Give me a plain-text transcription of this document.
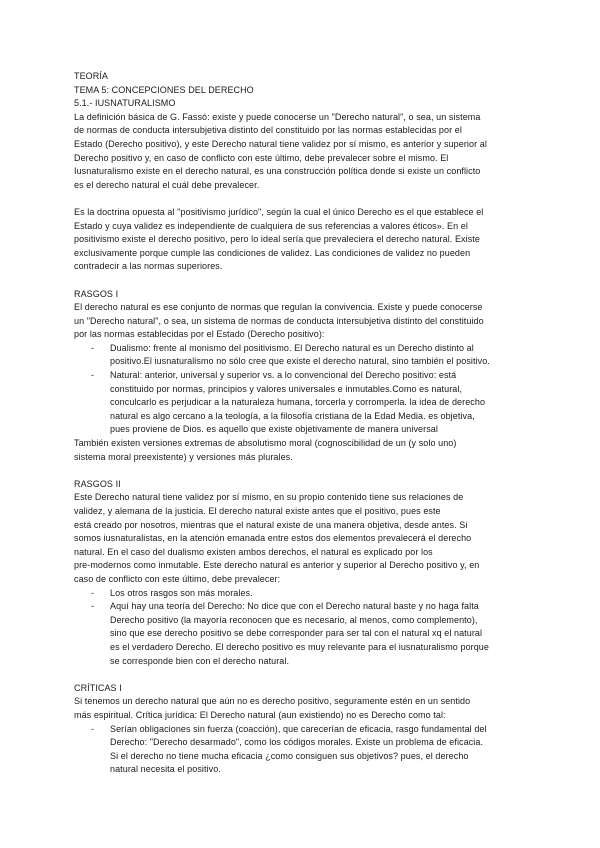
TEORÍA
TEMA 5: CONCEPCIONES DEL DERECHO
5.1.- IUSNATURALISMO
La definición básica de G. Fassó: existe y puede conocerse un "Derecho natural", o sea, un sistema
de normas de conducta intersubjetiva distinto del constituido por las normas establecidas por el
Estado (Derecho positivo), y este Derecho natural tiene validez por sí mismo, es anterior y superior al
Derecho positivo y, en caso de conflicto con este último, debe prevalecer sobre el mismo. El
Iusnaturalismo existe en el derecho natural, es una construcción política donde si existe un conflicto
es el derecho natural el cuál debe prevalecer.
Es la doctrina opuesta al "positivismo jurídico", según la cual el único Derecho es el que establece el
Estado y cuya validez es independiente de cualquiera de sus referencias a valores éticos». En el
positivismo existe el derecho positivo, pero lo ideal sería que prevaleciera el derecho natural. Existe
exclusivamente porque cumple las condiciones de validez. Las condiciones de validez no pueden
contradecir a las normas superiores.
RASGOS I
El derecho natural es ese conjunto de normas que regulan la convivencia. Existe y puede conocerse
un "Derecho natural", o sea, un sistema de normas de conducta intersubjetiva distinto del constituido
por las normas establecidas por el Estado (Derecho positivo):
- Dualismo: frente al monismo del positivismo. El Derecho natural es un Derecho distinto al
positivo.El iusnaturalismo no sólo cree que existe el derecho natural, sino también el positivo.
- Natural: anterior, universal y superior vs. a lo convencional del Derecho positivo: está
constituido por normas, principios y valores universales e inmutables.Como es natural,
conculcarlo es perjudicar a la naturaleza humana, torcerla y corromperla. la idea de derecho
natural es algo cercano a la teología, a la filosofía cristiana de la Edad Media. es objetiva,
pues proviene de Dios. es aquello que existe objetivamente de manera universal
También existen versiones extremas de absolutismo moral (cognoscibilidad de un (y solo uno)
sistema moral preexistente) y versiones más plurales.
RASGOS II
Este Derecho natural tiene validez por sí mismo, en su propio contenido tiene sus relaciones de
validez, y alemana de la justicia. El derecho natural existe antes que el positivo, pues este
está creado por nosotros, mientras que el natural existe de una manera objetiva, desde antes. Si
somos iusnaturalistas, en la atención emanada entre estos dos elementos prevalecerá el derecho
natural. En el caso del dualismo existen ambos derechos, el natural es explicado por los
pre-modernos como inmutable. Este derecho natural es anterior y superior al Derecho positivo y, en
caso de conflicto con este último, debe prevalecer:
- Los otros rasgos son más morales.
- Aquí hay una teoría del Derecho: No dice que con el Derecho natural baste y no haga falta
Derecho positivo (la mayoría reconocen que es necesario, al menos, como complemento),
sino que ese derecho positivo se debe corresponder para ser tal con el natural xq el natural
es el verdadero Derecho. El derecho positivo es muy relevante para el iusnaturalismo porque
se corresponde bien con el derecho natural.
CRÍTICAS I
Si tenemos un derecho natural que aún no es derecho positivo, seguramente estén en un sentido
más espiritual. Crítica jurídica: El Derecho natural (aun existiendo) no es Derecho como tal:
- Serían obligaciones sin fuerza (coacción), que carecerían de eficacia, rasgo fundamental del
Derecho: "Derecho desarmado", como los códigos morales. Existe un problema de eficacia.
Si el derecho no tiene mucha eficacia ¿como consiguen sus objetivos? pues, el derecho
natural necesita el positivo.
